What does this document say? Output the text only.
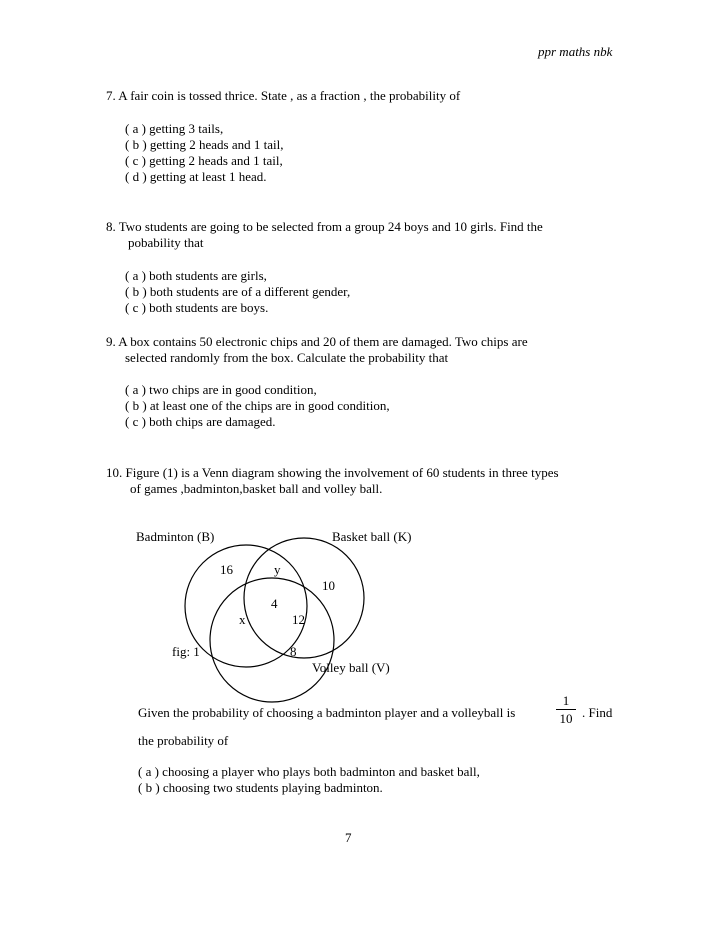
ppr maths nbk
7. A fair coin is tossed thrice. State , as a fraction , the probability of
( a ) getting 3 tails,
( b ) getting 2 heads and 1 tail,
( c ) getting 2 heads and 1 tail,
( d ) getting at least 1 head.
8. Two students are going to be selected from a group 24 boys and 10 girls. Find the
pobability that
( a ) both students are girls,
( b ) both students are of a different gender,
( c ) both students are boys.
9. A box contains 50 electronic chips and 20 of them are damaged. Two chips are
selected randomly from the box. Calculate the probability that
( a ) two chips are in good condition,
( b ) at least one of the chips are in good condition,
( c ) both chips are damaged.
10. Figure (1) is a Venn diagram showing the involvement of 60 students in three types
of games ,badminton,basket ball and volley ball.
Badminton (B)	Basket ball (K)
Volley ball (V)
fig: 1
16	y
10
4
x	12
8
Given the probability of choosing a badminton player and a volleyball is
1
10 . Find
the probability of
( a ) choosing a player who plays both badminton and basket ball,
( b ) choosing two students playing badminton.
7
